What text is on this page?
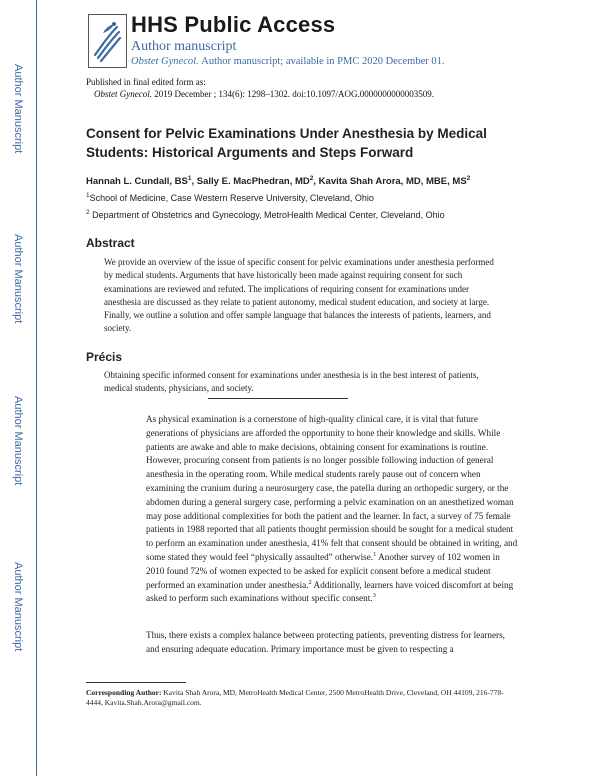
Author Manuscript
Author Manuscript
Author Manuscript
Author Manuscript
HHS Public Access
Author manuscript
Obstet Gynecol. Author manuscript; available in PMC 2020 December 01.
Published in final edited form as:
Obstet Gynecol. 2019 December ; 134(6): 1298–1302. doi:10.1097/AOG.0000000000003509.
Consent for Pelvic Examinations Under Anesthesia by Medical Students: Historical Arguments and Steps Forward
Hannah L. Cundall, $BS^1$, Sally E. MacPhedran, $MD^2$, Kavita Shah Arora, MD, MBE, $MS^2$
$^1$School of Medicine, Case Western Reserve University, Cleveland, Ohio
$^2$ Department of Obstetrics and Gynecology, MetroHealth Medical Center, Cleveland, Ohio
Abstract
We provide an overview of the issue of specific consent for pelvic examinations under anesthesia performed by medical students. Arguments that have historically been made against requiring consent for such examinations are reviewed and refuted. The implications of requiring consent for examinations under anesthesia are discussed as they relate to patient autonomy, medical student education, and society at large. Finally, we outline a solution and offer sample language that balances the interests of patients, learners, and society.
Précis
Obtaining specific informed consent for examinations under anesthesia is in the best interest of patients, medical students, physicians, and society.
As physical examination is a cornerstone of high-quality clinical care, it is vital that future generations of physicians are afforded the opportunity to hone their knowledge and skills. While patients are awake and able to make decisions, obtaining consent for examinations is routine. However, procuring consent from patients is no longer possible following induction of general anesthesia in the operating room. While medical students rarely pause out of concern when examining the cranium during a neurosurgery case, the patella during an orthopedic surgery, or the abdomen during a general surgery case, performing a pelvic examination on an anesthetized woman may pose additional complexities for both the patient and the learner. In fact, a survey of 75 female patients in 1988 reported that all patients thought permission should be sought for a medical student to perform an examination under anesthesia, 41% felt that consent should be obtained in writing, and some stated they would feel “physically assaulted” otherwise.$^1$ Another survey of 102 women in 2010 found 72% of women expected to be asked for explicit consent before a medical student performed an examination under anesthesia.$^2$ Additionally, learners have voiced discomfort at being asked to perform such examinations without specific consent.$^3$
Thus, there exists a complex balance between protecting patients, preventing distress for learners, and ensuring adequate education. Primary importance must be given to respecting a
Corresponding Author: Kavita Shah Arora, MD, MetroHealth Medical Center, 2500 MetroHealth Drive, Cleveland, OH 44109, 216-778-4444, Kavita.Shah.Arora@gmail.com.
